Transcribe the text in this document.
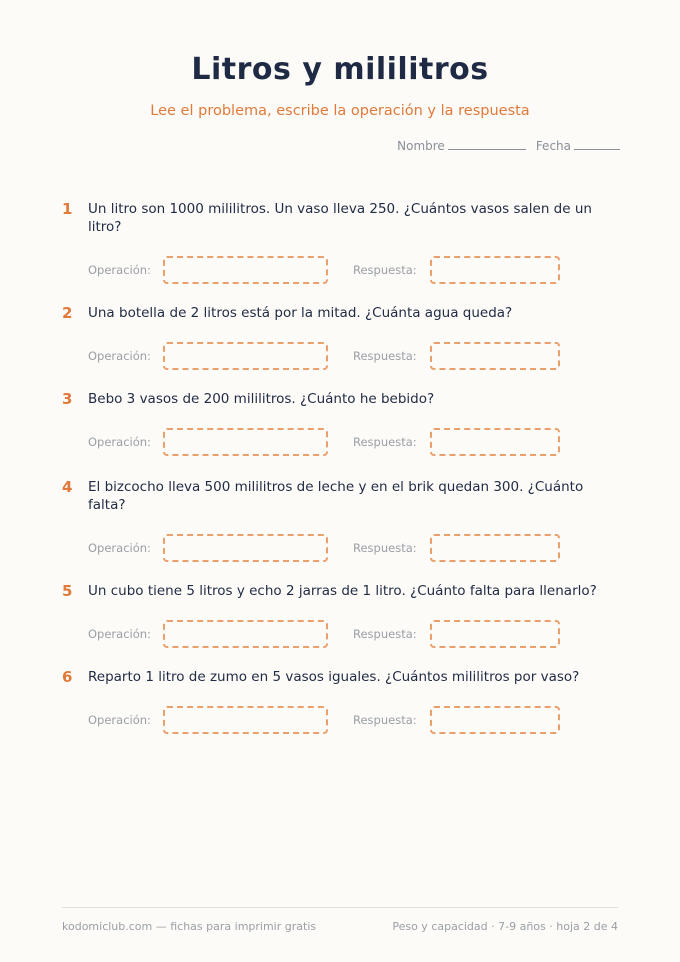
Litros y mililitros
Lee el problema, escribe la operación y la respuesta
Nombre	Fecha
1	Un litro son 1000 mililitros. Un vaso lleva 250. ¿Cuántos vasos salen de un litro?
Operación:	Respuesta:
2	Una botella de 2 litros está por la mitad. ¿Cuánta agua queda?
Operación:	Respuesta:
3	Bebo 3 vasos de 200 mililitros. ¿Cuánto he bebido?
Operación:	Respuesta:
4	El bizcocho lleva 500 mililitros de leche y en el brik quedan 300. ¿Cuánto falta?
Operación:	Respuesta:
5	Un cubo tiene 5 litros y echo 2 jarras de 1 litro. ¿Cuánto falta para llenarlo?
Operación:	Respuesta:
6	Reparto 1 litro de zumo en 5 vasos iguales. ¿Cuántos mililitros por vaso?
Operación:	Respuesta:
kodomiclub.com — fichas para imprimir gratis	Peso y capacidad · 7-9 años · hoja 2 de 4
